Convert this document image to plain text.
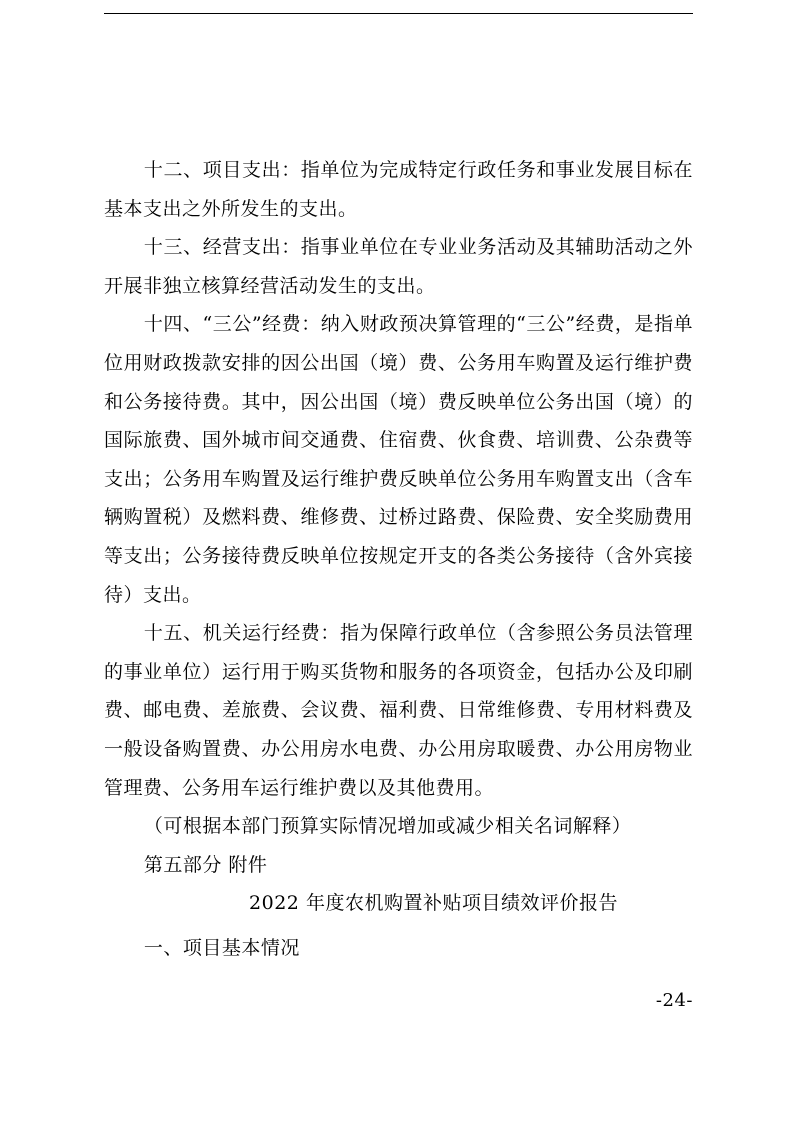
十二、项目支出：指单位为完成特定行政任务和事业发展目标在基本支出之外所发生的支出。

十三、经营支出：指事业单位在专业业务活动及其辅助活动之外开展非独立核算经营活动发生的支出。

十四、“三公”经费：纳入财政预决算管理的“三公”经费，是指单位用财政拨款安排的因公出国（境）费、公务用车购置及运行维护费和公务接待费。其中，因公出国（境）费反映单位公务出国（境）的国际旅费、国外城市间交通费、住宿费、伙食费、培训费、公杂费等支出；公务用车购置及运行维护费反映单位公务用车购置支出（含车辆购置税）及燃料费、维修费、过桥过路费、保险费、安全奖励费用等支出；公务接待费反映单位按规定开支的各类公务接待（含外宾接待）支出。

十五、机关运行经费：指为保障行政单位（含参照公务员法管理的事业单位）运行用于购买货物和服务的各项资金，包括办公及印刷费、邮电费、差旅费、会议费、福利费、日常维修费、专用材料费及一般设备购置费、办公用房水电费、办公用房取暖费、办公用房物业管理费、公务用车运行维护费以及其他费用。

（可根据本部门预算实际情况增加或减少相关名词解释）

第五部分 附件

2022 年度农机购置补贴项目绩效评价报告

一、项目基本情况

-24-
